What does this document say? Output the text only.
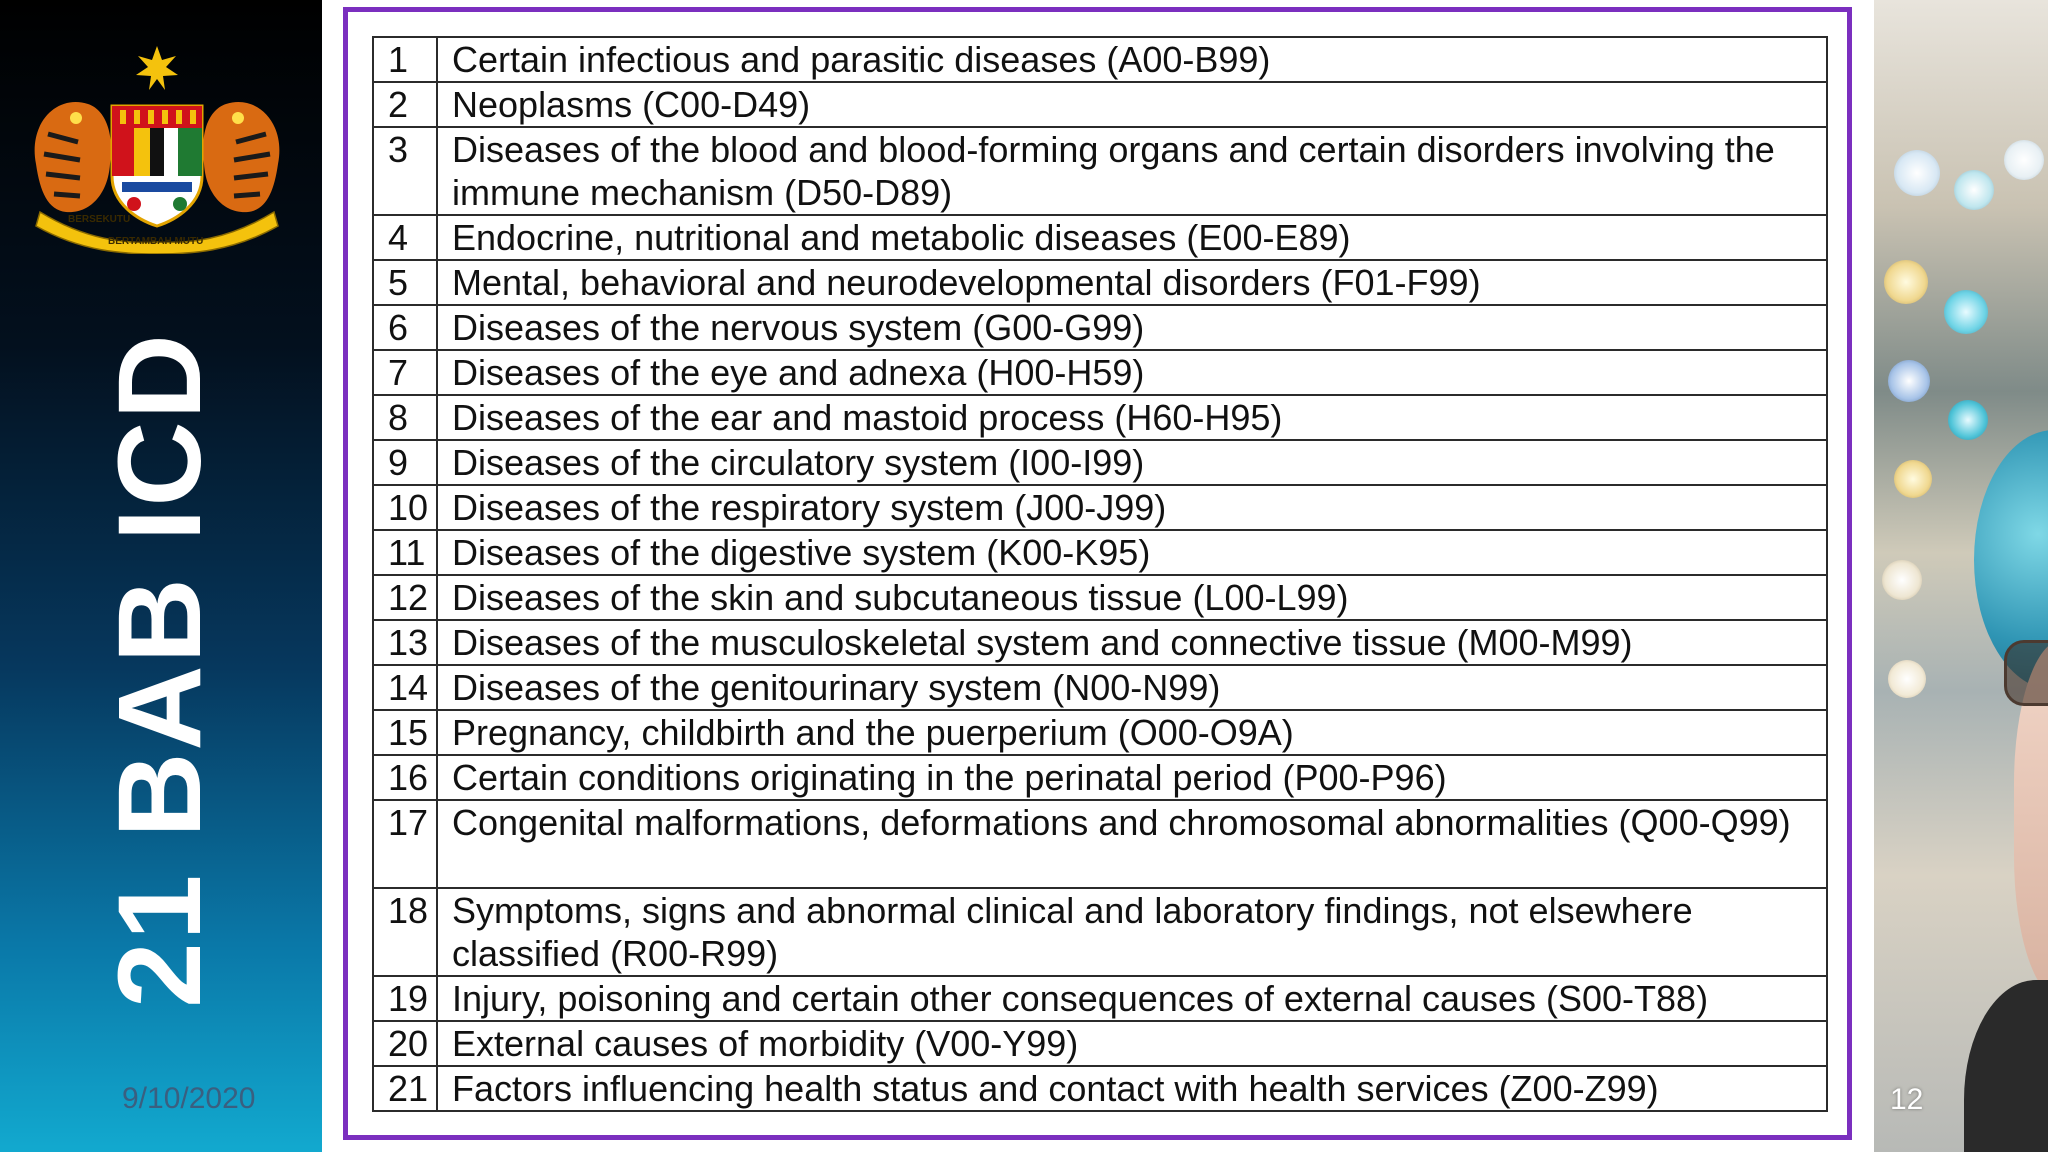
BERSEKUTU
BERTAMBAH MUTU
21 BAB ICD
9/10/2020	12
1	Certain infectious and parasitic diseases (A00-B99)
2	Neoplasms (C00-D49)
3	Diseases of the blood and blood-forming organs and certain disorders involving the immune mechanism (D50-D89)
4	Endocrine, nutritional and metabolic diseases (E00-E89)
5	Mental, behavioral and neurodevelopmental disorders (F01-F99)
6	Diseases of the nervous system (G00-G99)
7	Diseases of the eye and adnexa (H00-H59)
8	Diseases of the ear and mastoid process (H60-H95)
9	Diseases of the circulatory system (I00-I99)
10	Diseases of the respiratory system (J00-J99)
11	Diseases of the digestive system (K00-K95)
12	Diseases of the skin and subcutaneous tissue (L00-L99)
13	Diseases of the musculoskeletal system and connective tissue (M00-M99)
14	Diseases of the genitourinary system (N00-N99)
15	Pregnancy, childbirth and the puerperium (O00-O9A)
16	Certain conditions originating in the perinatal period (P00-P96)
17	Congenital malformations, deformations and chromosomal abnormalities (Q00-Q99)
18	Symptoms, signs and abnormal clinical and laboratory findings, not elsewhere classified (R00-R99)
19	Injury, poisoning and certain other consequences of external causes (S00-T88)
20	External causes of morbidity (V00-Y99)
21	Factors influencing health status and contact with health services (Z00-Z99)
